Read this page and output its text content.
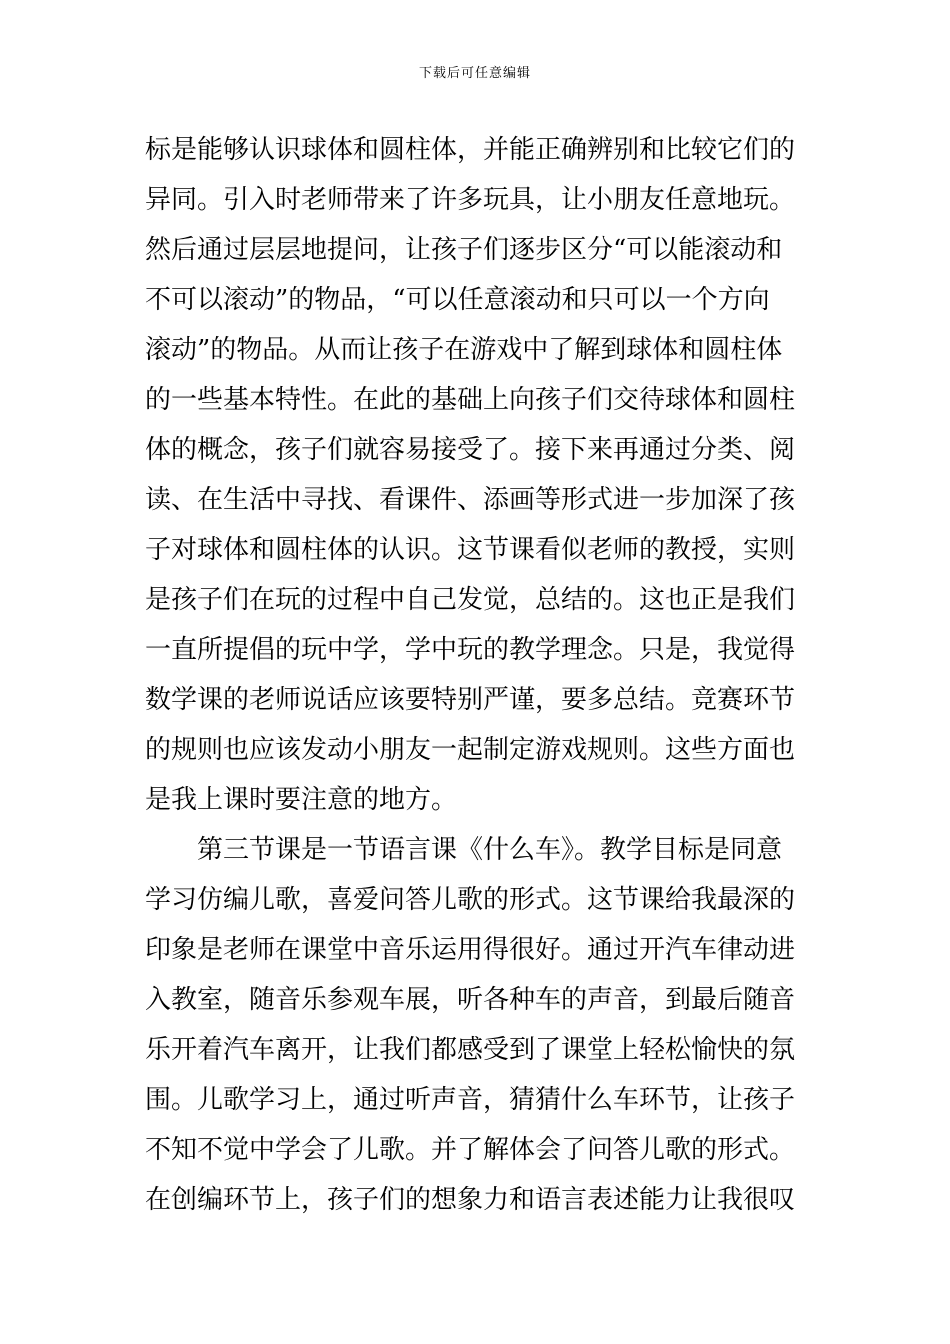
下载后可任意编辑
标是能够认识球体和圆柱体，并能正确辨别和比较它们的
异同。引入时老师带来了许多玩具，让小朋友任意地玩。
然后通过层层地提问，让孩子们逐步区分“可以能滚动和
不可以滚动”的物品，“可以任意滚动和只可以一个方向
滚动”的物品。从而让孩子在游戏中了解到球体和圆柱体
的一些基本特性。在此的基础上向孩子们交待球体和圆柱
体的概念，孩子们就容易接受了。接下来再通过分类、阅
读、在生活中寻找、看课件、添画等形式进一步加深了孩
子对球体和圆柱体的认识。这节课看似老师的教授，实则
是孩子们在玩的过程中自己发觉，总结的。这也正是我们
一直所提倡的玩中学，学中玩的教学理念。只是，我觉得
数学课的老师说话应该要特别严谨，要多总结。竞赛环节
的规则也应该发动小朋友一起制定游戏规则。这些方面也
是我上课时要注意的地方。
第三节课是一节语言课《什么车》。教学目标是同意
学习仿编儿歌，喜爱问答儿歌的形式。这节课给我最深的
印象是老师在课堂中音乐运用得很好。通过开汽车律动进
入教室，随音乐参观车展，听各种车的声音，到最后随音
乐开着汽车离开，让我们都感受到了课堂上轻松愉快的氛
围。儿歌学习上，通过听声音，猜猜什么车环节，让孩子
不知不觉中学会了儿歌。并了解体会了问答儿歌的形式。
在创编环节上，孩子们的想象力和语言表述能力让我很叹
